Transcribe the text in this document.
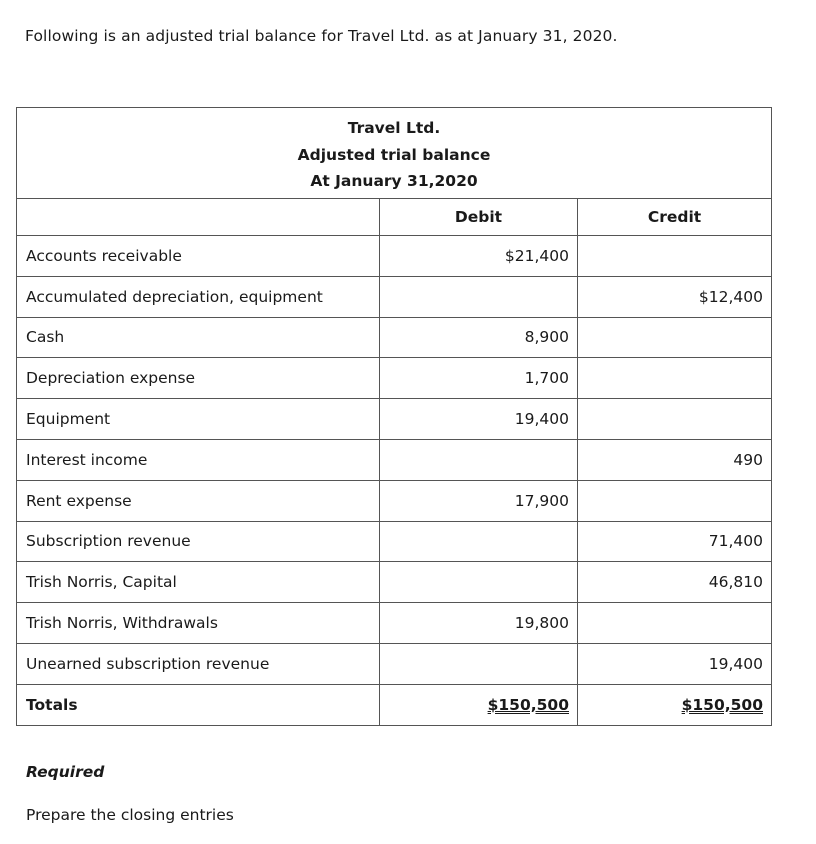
Following is an adjusted trial balance for Travel Ltd. as at January 31, 2020.
Travel Ltd.
Adjusted trial balance
At January 31,2020		

	Debit	Credit
Accounts receivable	$21,400	
Accumulated depreciation, equipment		$12,400
Cash	8,900	
Depreciation expense	1,700	
Equipment	19,400	
Interest income		490
Rent expense	17,900	
Subscription revenue		71,400
Trish Norris, Capital		46,810
Trish Norris, Withdrawals	19,800	
Unearned subscription revenue		19,400
Totals	$150,500	$150,500
Required
Prepare the closing entries
